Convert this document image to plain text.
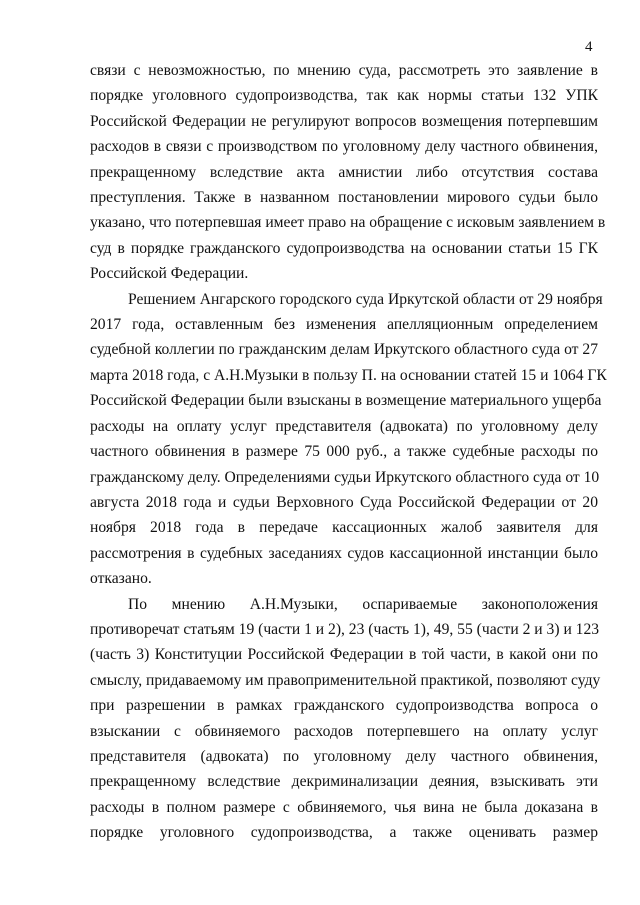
4

связи с невозможностью, по мнению суда, рассмотреть это заявление в
порядке уголовного судопроизводства, так как нормы статьи 132 УПК
Российской Федерации не регулируют вопросов возмещения потерпевшим
расходов в связи с производством по уголовному делу частного обвинения,
прекращенному вследствие акта амнистии либо отсутствия состава
преступления. Также в названном постановлении мирового судьи было
указано, что потерпевшая имеет право на обращение с исковым заявлением в
суд в порядке гражданского судопроизводства на основании статьи 15 ГК
Российской Федерации.

Решением Ангарского городского суда Иркутской области от 29 ноября
2017 года, оставленным без изменения апелляционным определением
судебной коллегии по гражданским делам Иркутского областного суда от 27
марта 2018 года, с А.Н.Музыки в пользу П. на основании статей 15 и 1064 ГК
Российской Федерации были взысканы в возмещение материального ущерба
расходы на оплату услуг представителя (адвоката) по уголовному делу
частного обвинения в размере 75 000 руб., а также судебные расходы по
гражданскому делу. Определениями судьи Иркутского областного суда от 10
августа 2018 года и судьи Верховного Суда Российской Федерации от 20
ноября 2018 года в передаче кассационных жалоб заявителя для
рассмотрения в судебных заседаниях судов кассационной инстанции было
отказано.

По мнению А.Н.Музыки, оспариваемые законоположения
противоречат статьям 19 (части 1 и 2), 23 (часть 1), 49, 55 (части 2 и 3) и 123
(часть 3) Конституции Российской Федерации в той части, в какой они по
смыслу, придаваемому им правоприменительной практикой, позволяют суду
при разрешении в рамках гражданского судопроизводства вопроса о
взыскании с обвиняемого расходов потерпевшего на оплату услуг
представителя (адвоката) по уголовному делу частного обвинения,
прекращенному вследствие декриминализации деяния, взыскивать эти
расходы в полном размере с обвиняемого, чья вина не была доказана в
порядке уголовного судопроизводства, а также оценивать размер
